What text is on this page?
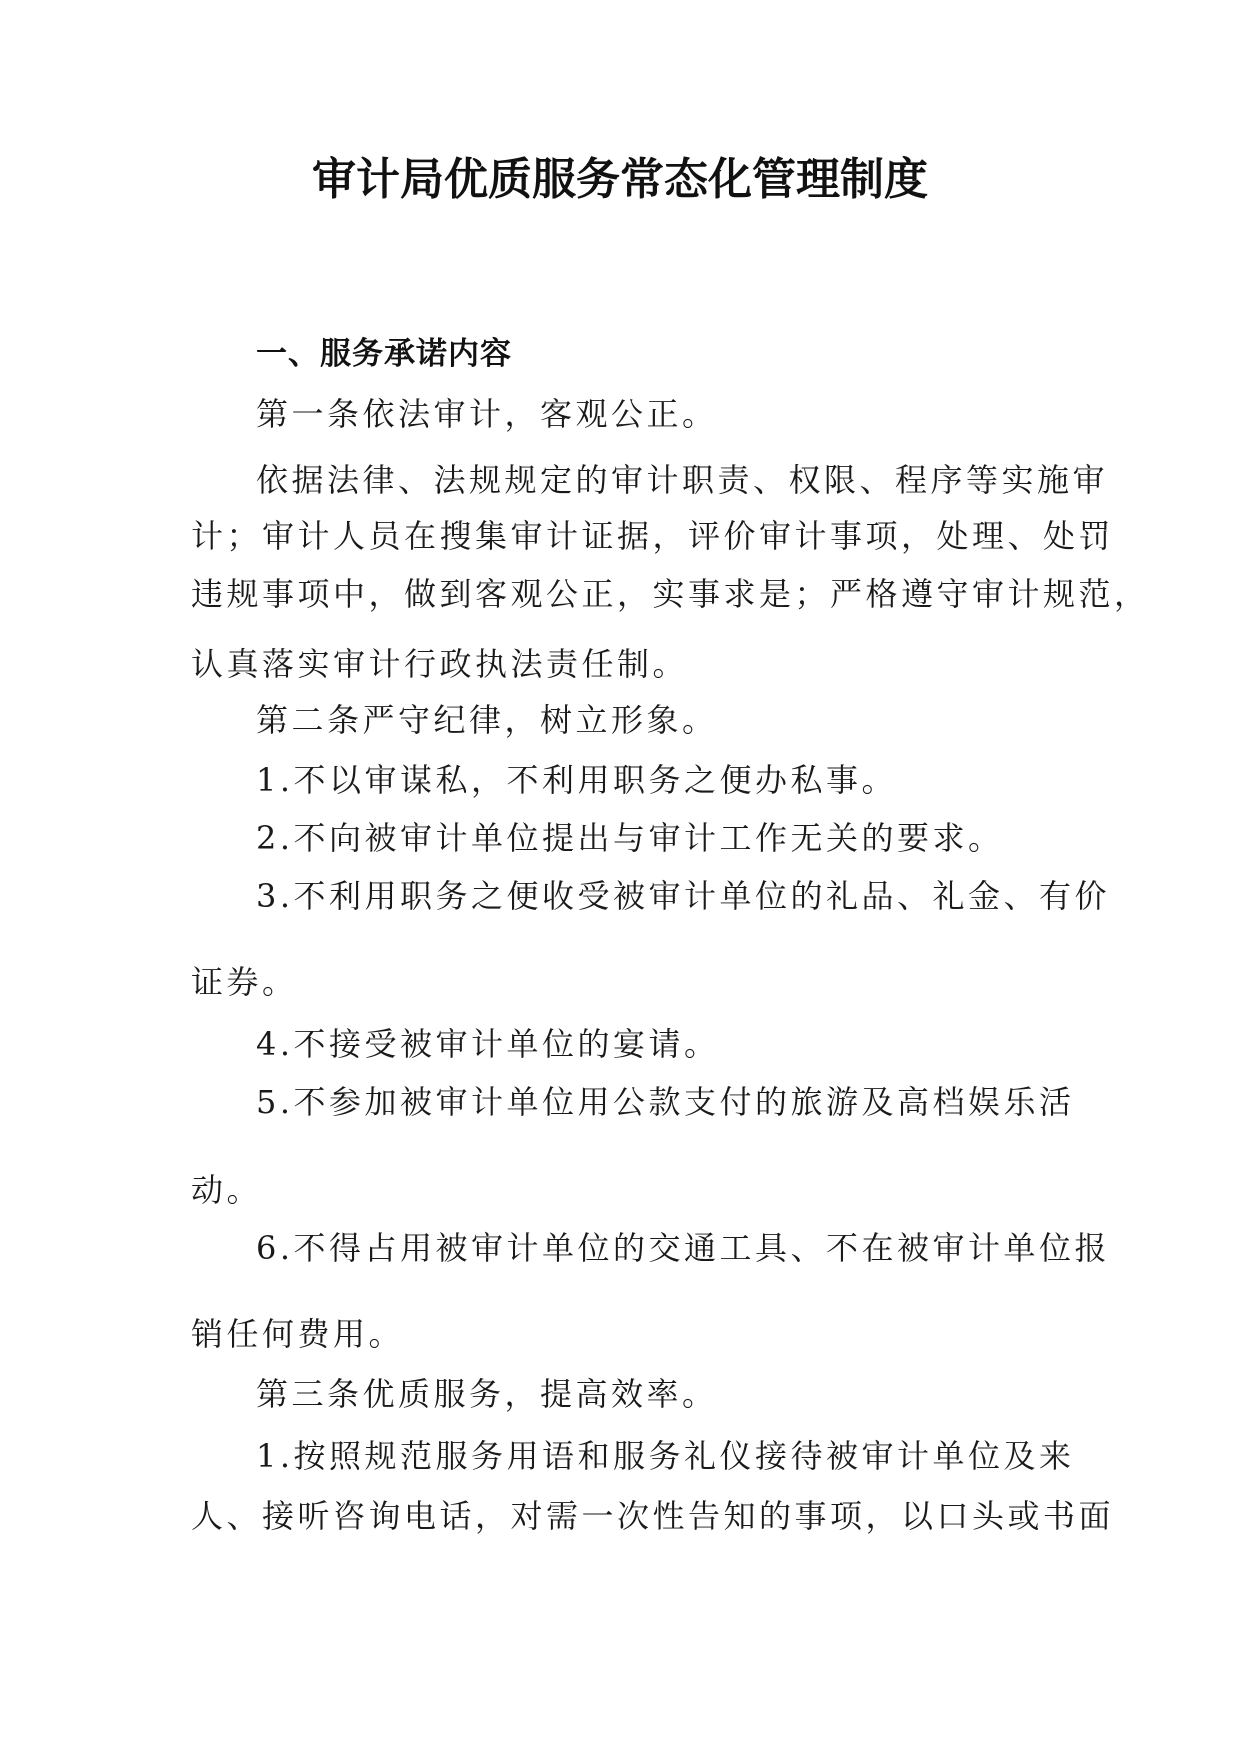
审计局优质服务常态化管理制度
一、服务承诺内容
第一条依法审计，客观公正。
依据法律、法规规定的审计职责、权限、程序等实施审
计；审计人员在搜集审计证据，评价审计事项，处理、处罚
违规事项中，做到客观公正，实事求是；严格遵守审计规范，
认真落实审计行政执法责任制。
第二条严守纪律，树立形象。
1.不以审谋私，不利用职务之便办私事。
2.不向被审计单位提出与审计工作无关的要求。
3.不利用职务之便收受被审计单位的礼品、礼金、有价
证券。
4.不接受被审计单位的宴请。
5.不参加被审计单位用公款支付的旅游及高档娱乐活
动。
6.不得占用被审计单位的交通工具、不在被审计单位报
销任何费用。
第三条优质服务，提高效率。
1.按照规范服务用语和服务礼仪接待被审计单位及来
人、接听咨询电话，对需一次性告知的事项，以口头或书面
